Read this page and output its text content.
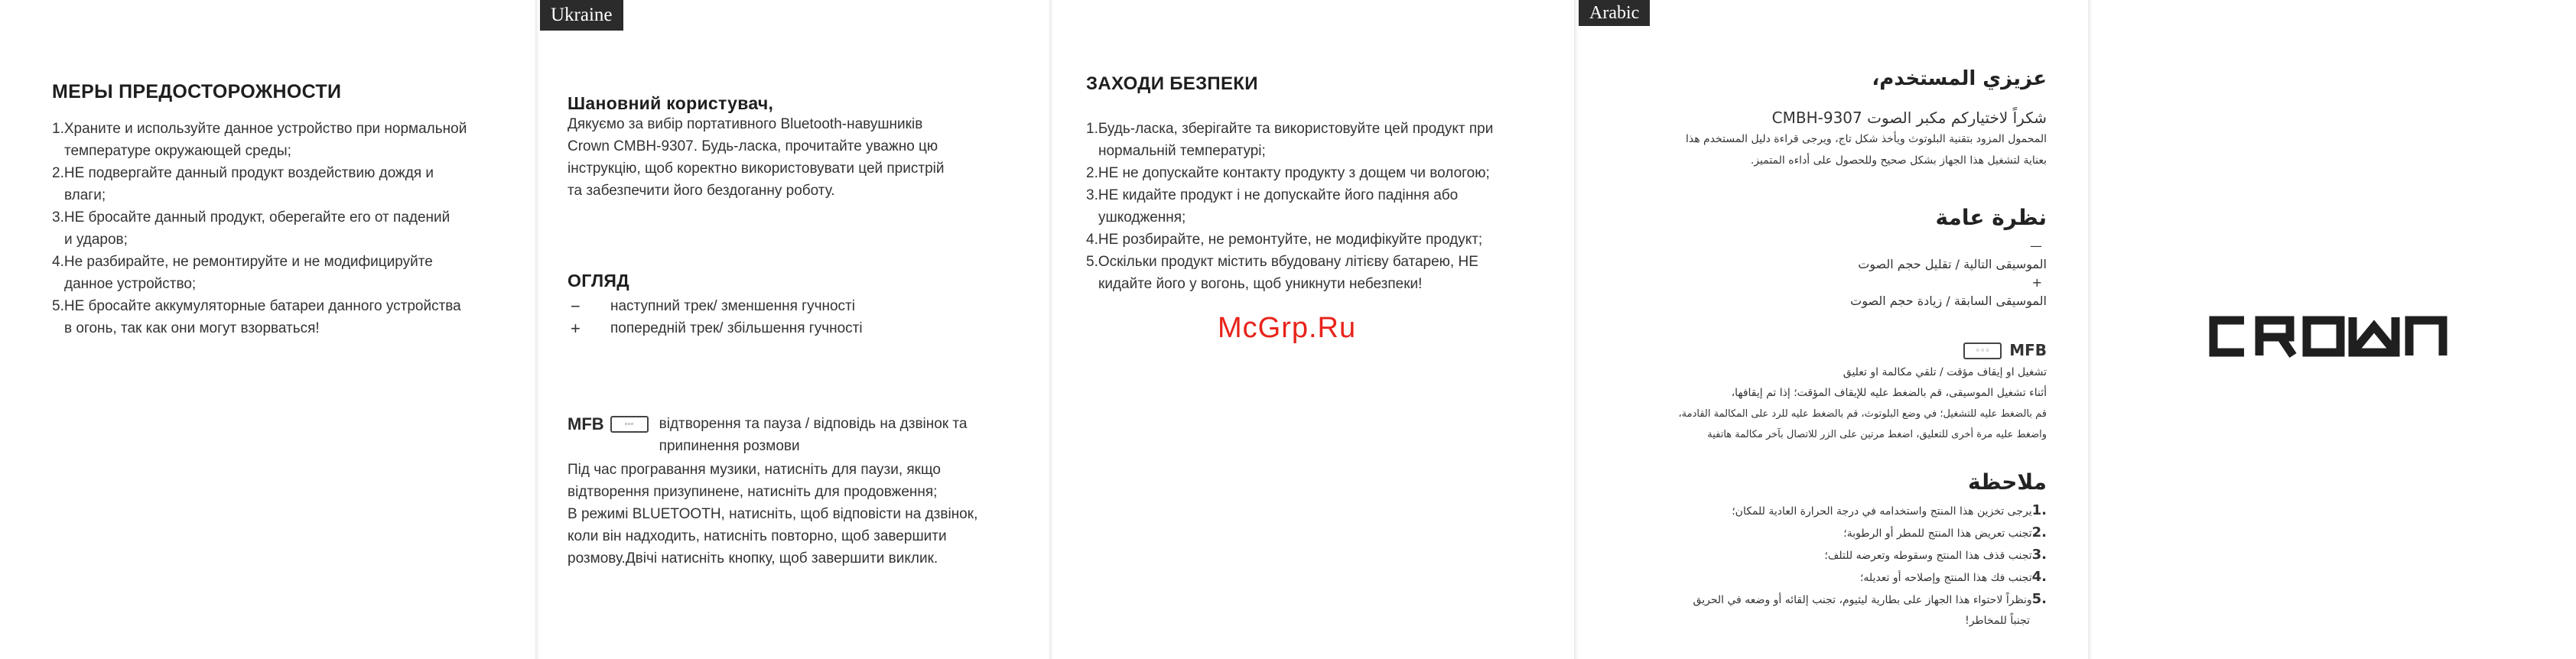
МЕРЫ ПРЕДОСТОРОЖНОСТИ
1.Храните и используйте данное устройство при нормальной
температуре окружающей среды;
2.НЕ подвергайте данный продукт воздействию дождя и
влаги;
3.НЕ бросайте данный продукт, оберегайте его от падений
и ударов;
4.Не разбирайте, не ремонтируйте и не модифицируйте
данное устройство;
5.НЕ бросайте аккумуляторные батареи данного устройства
в огонь, так как они могут взорваться!
Ukraine
Шановний користувач,
Дякуємо за вибір портативного Bluetooth-навушників
Crown CMBH-9307. Будь-ласка, прочитайте уважно цю
інструкцію, щоб коректно використовувати цей пристрій
та забезпечити його бездоганну роботу.
ОГЛЯД
−	наступний трек/ зменшення гучності
+	попередній трек/ збільшення гучності
MFB	◦◦◦	відтворення та пауза / відповідь на дзвінок та
припинення розмови
Під час програвання музики, натисніть для паузи, якщо
відтворення призупинене, натисніть для продовження;
В режимі BLUETOOTH, натисніть, щоб відповісти на дзвінок,
коли він надходить, натисніть повторно, щоб завершити
розмову.Двічі натисніть кнопку, щоб завершити виклик.
ЗАХОДИ БЕЗПЕКИ
1.Будь-ласка, зберігайте та використовуйте цей продукт при
нормальній температурі;
2.НЕ не допускайте контакту продукту з дощем чи вологою;
3.НЕ кидайте продукт і не допускайте його падіння або
ушкодження;
4.НЕ розбирайте, не ремонтуйте, не модифікуйте продукт;
5.Оскільки продукт містить вбудовану літієву батарею, НЕ
кидайте його у вогонь, щоб уникнути небезпеки!
McGrp.Ru
Arabic
عزيزي المستخدم،
شكراً لاختياركم مكبر الصوت CMBH-9307
المحمول المزود بتقنية البلوتوث ويأخذ شكل تاج، ويرجى قراءة دليل المستخدم هذا
بعناية لتشغيل هذا الجهاز بشكل صحيح وللحصول على أداءه المتميز.
نظرة عامة
—
الموسيقى التالية / تقليل حجم الصوت
+
الموسيقى السابقة / زيادة حجم الصوت
MFB
◦◦◦
تشغيل او إيقاف مؤقت / تلقي مكالمة او تعليق
أثناء تشغيل الموسيقى، قم بالضغط عليه للإيقاف المؤقت؛ إذا تم إيقافها،
قم بالضغط عليه للتشغيل؛ في وضع البلوتوث، قم بالضغط عليه للرد على المكالمة القادمة،
واضغط عليه مرة أخرى للتعليق، اضغط مرتين على الزر للاتصال بآخر مكالمة هاتفية
ملاحظة
.1يرجى تخزين هذا المنتج واستخدامه في درجة الحرارة العادية للمكان؛
.2تجنب تعريض هذا المنتج للمطر أو الرطوبة؛
.3تجنب قذف هذا المنتج وسقوطه وتعرضه للتلف؛
.4تجنب فك هذا المنتج وإصلاحه أو تعديله؛
.5ونظراً لاحتواء هذا الجهاز على بطارية ليثيوم، تجنب إلقائه أو وضعه في الحريق
تجنباً للمخاطر!
